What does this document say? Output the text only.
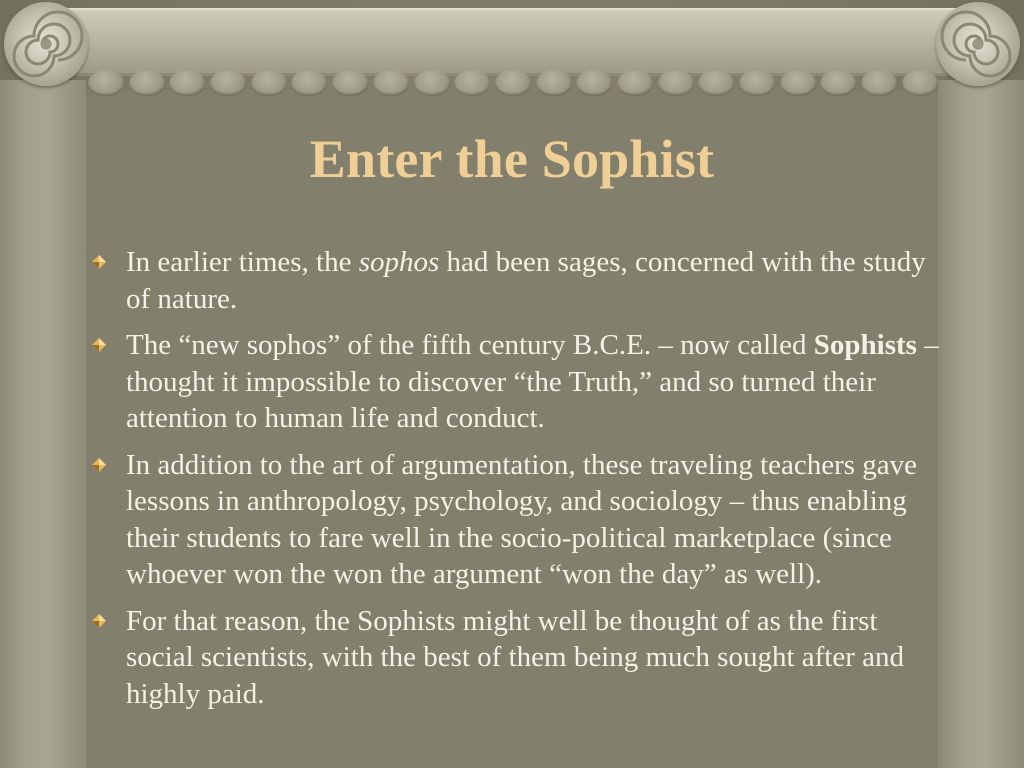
Enter the Sophist
In earlier times, the sophos had been sages, concerned with the study of nature.
The “new sophos” of the fifth century B.C.E. – now called Sophists – thought it impossible to discover “the Truth,” and so turned their attention to human life and conduct.
In addition to the art of argumentation, these traveling teachers gave lessons in anthropology, psychology, and sociology – thus enabling their students to fare well in the socio-political marketplace (since whoever won the won the argument “won the day” as well).
For that reason, the Sophists might well be thought of as the first social scientists, with the best of them being much sought after and highly paid.
